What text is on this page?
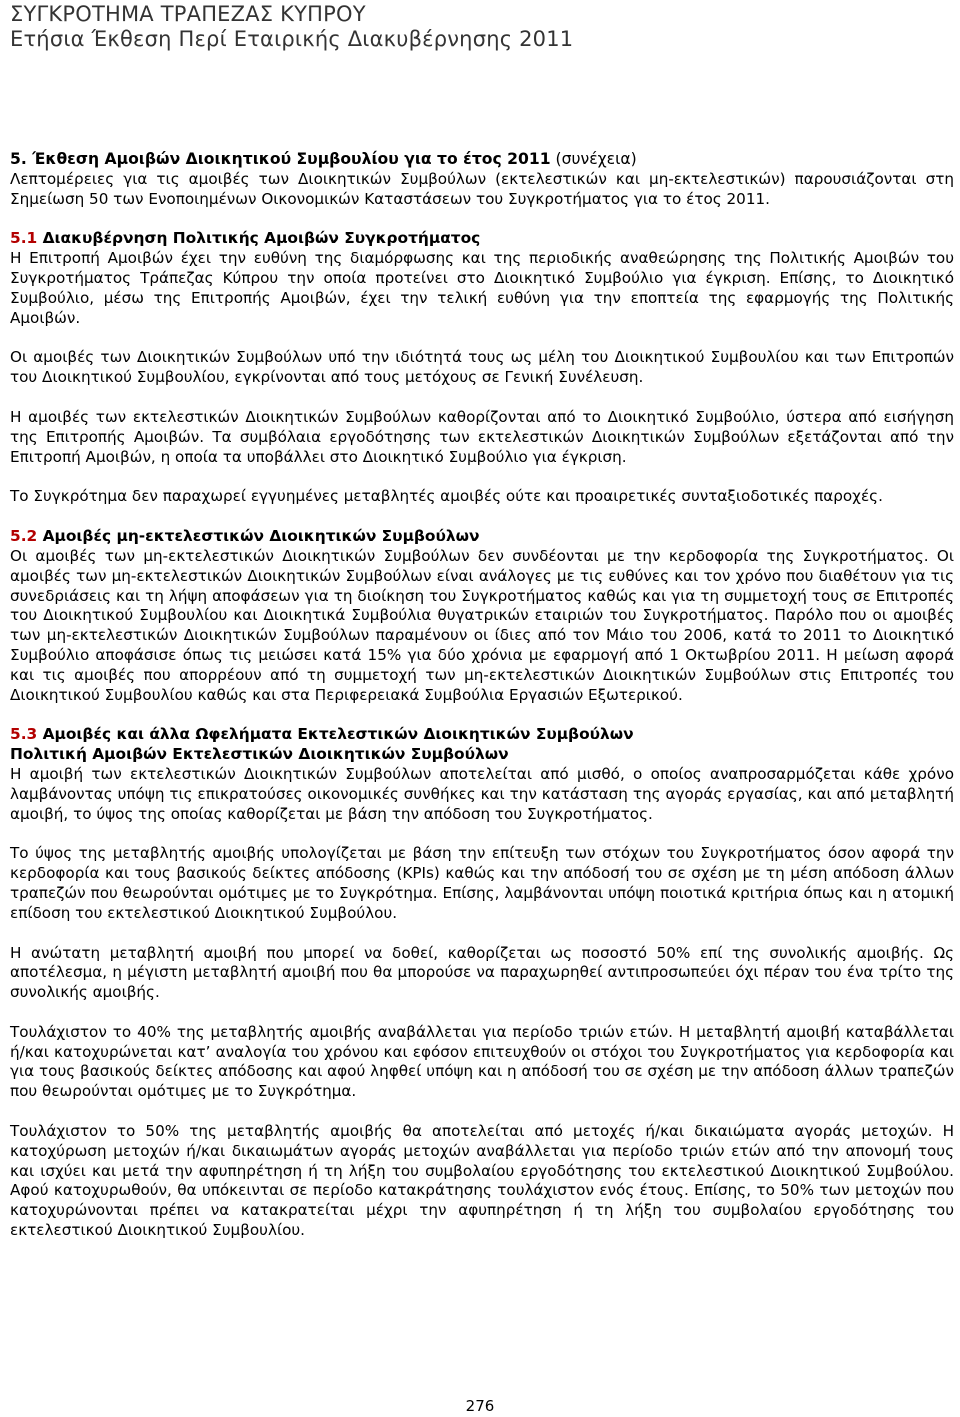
ΣΥΓΚΡΟΤΗΜΑ ΤΡΑΠΕΖΑΣ ΚΥΠΡΟΥ
Ετήσια Έκθεση Περί Εταιρικής Διακυβέρνησης 2011
5. Έκθεση Αμοιβών Διοικητικού Συμβουλίου για το έτος 2011 (συνέχεια)

Λεπτομέρειες για τις αμοιβές των Διοικητικών Συμβούλων (εκτελεστικών και μη-εκτελεστικών) παρουσιάζονται στη Σημείωση 50 των Ενοποιημένων Οικονομικών Καταστάσεων του Συγκροτήματος για το έτος 2011.

5.1 Διακυβέρνηση Πολιτικής Αμοιβών Συγκροτήματος

Η Επιτροπή Αμοιβών έχει την ευθύνη της διαμόρφωσης και της περιοδικής αναθεώρησης της Πολιτικής Αμοιβών του Συγκροτήματος Τράπεζας Κύπρου την οποία προτείνει στο Διοικητικό Συμβούλιο για έγκριση. Επίσης, το Διοικητικό Συμβούλιο, μέσω της Επιτροπής Αμοιβών, έχει την τελική ευθύνη για την εποπτεία της εφαρμογής της Πολιτικής Αμοιβών.

Οι αμοιβές των Διοικητικών Συμβούλων υπό την ιδιότητά τους ως μέλη του Διοικητικού Συμβουλίου και των Επιτροπών του Διοικητικού Συμβουλίου, εγκρίνονται από τους μετόχους σε Γενική Συνέλευση.

Η αμοιβές των εκτελεστικών Διοικητικών Συμβούλων καθορίζονται από το Διοικητικό Συμβούλιο, ύστερα από εισήγηση της Επιτροπής Αμοιβών. Τα συμβόλαια εργοδότησης των εκτελεστικών Διοικητικών Συμβούλων εξετάζονται από την Επιτροπή Αμοιβών, η οποία τα υποβάλλει στο Διοικητικό Συμβούλιο για έγκριση.

Το Συγκρότημα δεν παραχωρεί εγγυημένες μεταβλητές αμοιβές ούτε και προαιρετικές συνταξιοδοτικές παροχές.

5.2 Αμοιβές μη-εκτελεστικών Διοικητικών Συμβούλων

Οι αμοιβές των μη-εκτελεστικών Διοικητικών Συμβούλων δεν συνδέονται με την κερδοφορία της Συγκροτήματος. Οι αμοιβές των μη-εκτελεστικών Διοικητικών Συμβούλων είναι ανάλογες με τις ευθύνες και τον χρόνο που διαθέτουν για τις συνεδριάσεις και τη λήψη αποφάσεων για τη διοίκηση του Συγκροτήματος καθώς και για τη συμμετοχή τους σε Επιτροπές του Διοικητικού Συμβουλίου και Διοικητικά Συμβούλια θυγατρικών εταιριών του Συγκροτήματος. Παρόλο που οι αμοιβές των μη-εκτελεστικών Διοικητικών Συμβούλων παραμένουν οι ίδιες από τον Μάιο του 2006, κατά το 2011 το Διοικητικό Συμβούλιο αποφάσισε όπως τις μειώσει κατά 15% για δύο χρόνια με εφαρμογή από 1 Οκτωβρίου 2011. Η μείωση αφορά και τις αμοιβές που απορρέουν από τη συμμετοχή των μη-εκτελεστικών Διοικητικών Συμβούλων στις Επιτροπές του Διοικητικού Συμβουλίου καθώς και στα Περιφερειακά Συμβούλια Εργασιών Εξωτερικού.

5.3 Αμοιβές και άλλα Ωφελήματα Εκτελεστικών Διοικητικών Συμβούλων
Πολιτική Αμοιβών Εκτελεστικών Διοικητικών Συμβούλων

Η αμοιβή των εκτελεστικών Διοικητικών Συμβούλων αποτελείται από μισθό, ο οποίος αναπροσαρμόζεται κάθε χρόνο λαμβάνοντας υπόψη τις επικρατούσες οικονομικές συνθήκες και την κατάσταση της αγοράς εργασίας, και από μεταβλητή αμοιβή, το ύψος της οποίας καθορίζεται με βάση την απόδοση του Συγκροτήματος.

Το ύψος της μεταβλητής αμοιβής υπολογίζεται με βάση την επίτευξη των στόχων του Συγκροτήματος όσον αφορά την κερδοφορία και τους βασικούς δείκτες απόδοσης (KPIs) καθώς και την απόδοσή του σε σχέση με τη μέση απόδοση άλλων τραπεζών που θεωρούνται ομότιμες με το Συγκρότημα. Επίσης, λαμβάνονται υπόψη ποιοτικά κριτήρια όπως και η ατομική επίδοση του εκτελεστικού Διοικητικού Συμβούλου.

Η ανώτατη μεταβλητή αμοιβή που μπορεί να δοθεί, καθορίζεται ως ποσοστό 50% επί της συνολικής αμοιβής. Ως αποτέλεσμα, η μέγιστη μεταβλητή αμοιβή που θα μπορούσε να παραχωρηθεί αντιπροσωπεύει όχι πέραν του ένα τρίτο της συνολικής αμοιβής.

Τουλάχιστον το 40% της μεταβλητής αμοιβής αναβάλλεται για περίοδο τριών ετών. Η μεταβλητή αμοιβή καταβάλλεται ή/και κατοχυρώνεται κατ’ αναλογία του χρόνου και εφόσον επιτευχθούν οι στόχοι του Συγκροτήματος για κερδοφορία και για τους βασικούς δείκτες απόδοσης και αφού ληφθεί υπόψη και η απόδοσή του σε σχέση με την απόδοση άλλων τραπεζών που θεωρούνται ομότιμες με το Συγκρότημα.

Τουλάχιστον το 50% της μεταβλητής αμοιβής θα αποτελείται από μετοχές ή/και δικαιώματα αγοράς μετοχών. Η κατοχύρωση μετοχών ή/και δικαιωμάτων αγοράς μετοχών αναβάλλεται για περίοδο τριών ετών από την απονομή τους και ισχύει και μετά την αφυπηρέτηση ή τη λήξη του συμβολαίου εργοδότησης του εκτελεστικού Διοικητικού Συμβούλου. Αφού κατοχυρωθούν, θα υπόκεινται σε περίοδο κατακράτησης τουλάχιστον ενός έτους. Επίσης, το 50% των μετοχών που κατοχυρώνονται πρέπει να κατακρατείται μέχρι την αφυπηρέτηση ή τη λήξη του συμβολαίου εργοδότησης του εκτελεστικού Διοικητικού Συμβουλίου.

276
